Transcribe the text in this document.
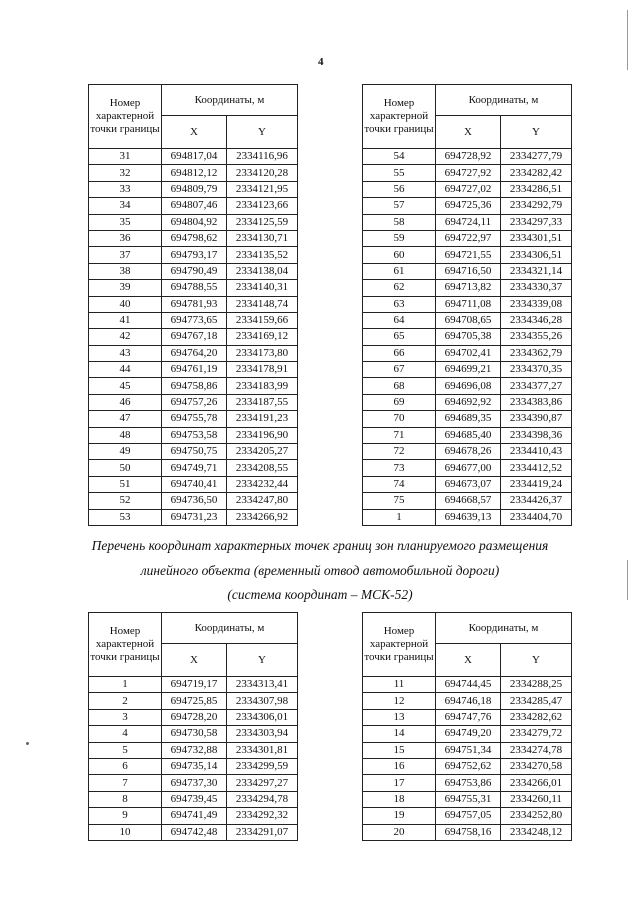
4
Номер характерной точки границы	Координаты, м	
	X	Y
31	694817,04	2334116,96
32	694812,12	2334120,28
33	694809,79	2334121,95
34	694807,46	2334123,66
35	694804,92	2334125,59
36	694798,62	2334130,71
37	694793,17	2334135,52
38	694790,49	2334138,04
39	694788,55	2334140,31
40	694781,93	2334148,74
41	694773,65	2334159,66
42	694767,18	2334169,12
43	694764,20	2334173,80
44	694761,19	2334178,91
45	694758,86	2334183,99
46	694757,26	2334187,55
47	694755,78	2334191,23
48	694753,58	2334196,90
49	694750,75	2334205,27
50	694749,71	2334208,55
51	694740,41	2334232,44
52	694736,50	2334247,80
53	694731,23	2334266,92
Номер характерной точки границы	Координаты, м	
	X	Y
54	694728,92	2334277,79
55	694727,92	2334282,42
56	694727,02	2334286,51
57	694725,36	2334292,79
58	694724,11	2334297,33
59	694722,97	2334301,51
60	694721,55	2334306,51
61	694716,50	2334321,14
62	694713,82	2334330,37
63	694711,08	2334339,08
64	694708,65	2334346,28
65	694705,38	2334355,26
66	694702,41	2334362,79
67	694699,21	2334370,35
68	694696,08	2334377,27
69	694692,92	2334383,86
70	694689,35	2334390,87
71	694685,40	2334398,36
72	694678,26	2334410,43
73	694677,00	2334412,52
74	694673,07	2334419,24
75	694668,57	2334426,37
1	694639,13	2334404,70
Перечень координат характерных точек границ зон планируемого размещения
линейного объекта (временный отвод автомобильной дороги)
(система координат – МСК-52)
Номер характерной точки границы	Координаты, м	
	X	Y
1	694719,17	2334313,41
2	694725,85	2334307,98
3	694728,20	2334306,01
4	694730,58	2334303,94
5	694732,88	2334301,81
6	694735,14	2334299,59
7	694737,30	2334297,27
8	694739,45	2334294,78
9	694741,49	2334292,32
10	694742,48	2334291,07
Номер характерной точки границы	Координаты, м	
	X	Y
11	694744,45	2334288,25
12	694746,18	2334285,47
13	694747,76	2334282,62
14	694749,20	2334279,72
15	694751,34	2334274,78
16	694752,62	2334270,58
17	694753,86	2334266,01
18	694755,31	2334260,11
19	694757,05	2334252,80
20	694758,16	2334248,12
